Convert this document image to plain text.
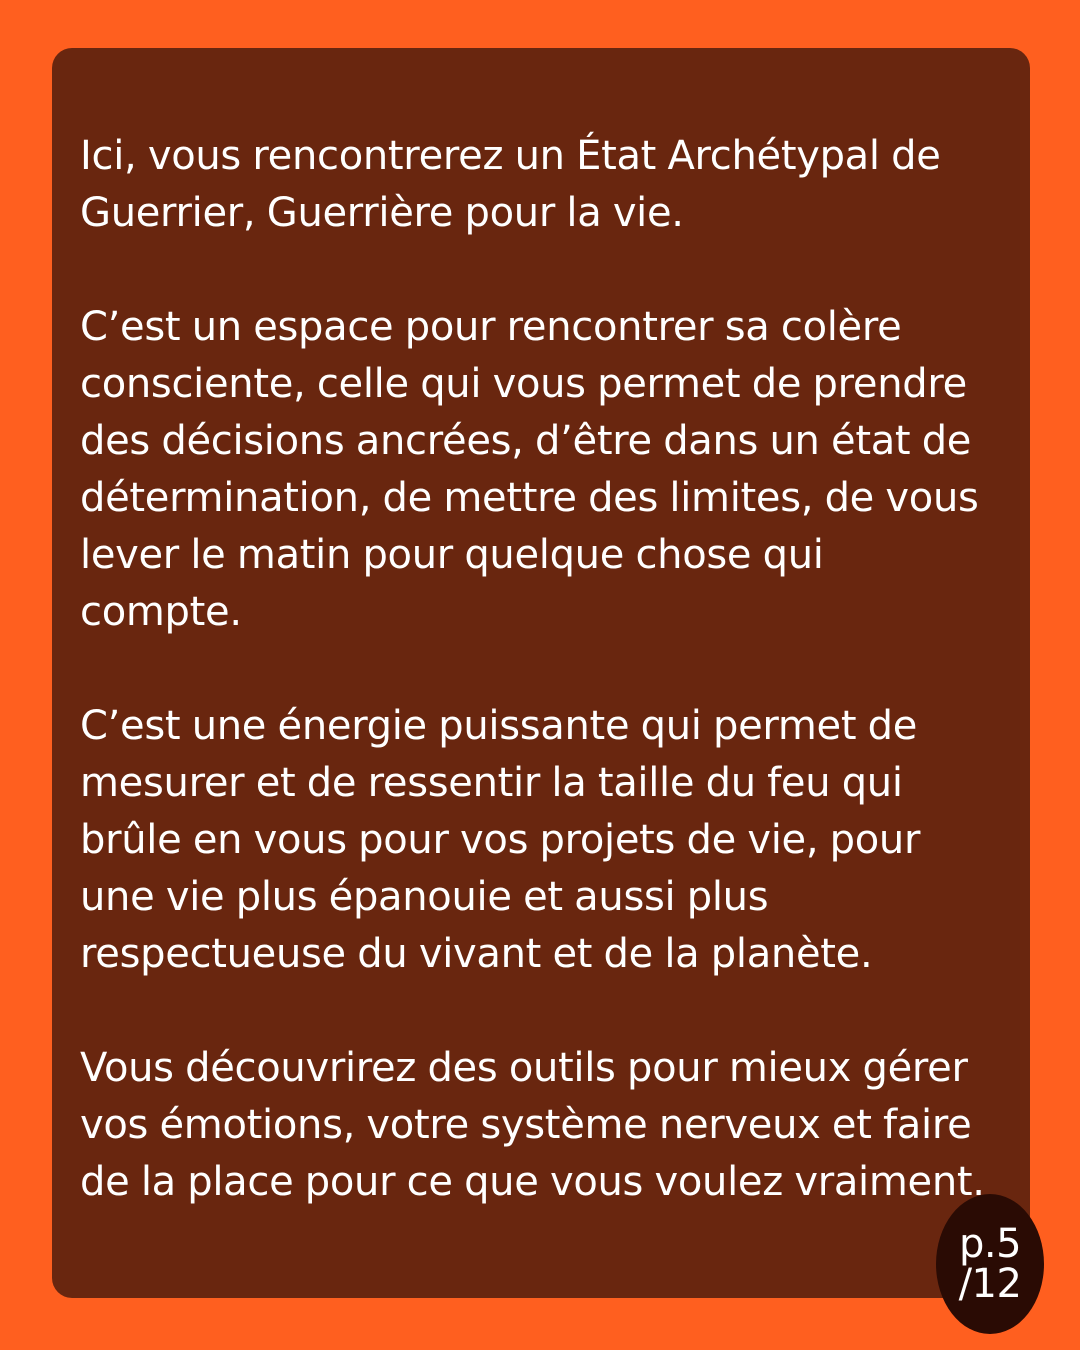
Ici, vous rencontrerez un État Archétypal de Guerrier, Guerrière pour la vie.

C’est un espace pour rencontrer sa colère consciente, celle qui vous permet de prendre des décisions ancrées, d’être dans un état de détermination, de mettre des limites, de vous lever le matin pour quelque chose qui compte.

C’est une énergie puissante qui permet de mesurer et de ressentir la taille du feu qui brûle en vous pour vos projets de vie, pour une vie plus épanouie et aussi plus respectueuse du vivant et de la planète.

Vous découvrirez des outils pour mieux gérer vos émotions, votre système nerveux et faire de la place pour ce que vous voulez vraiment.

p.5
/12
